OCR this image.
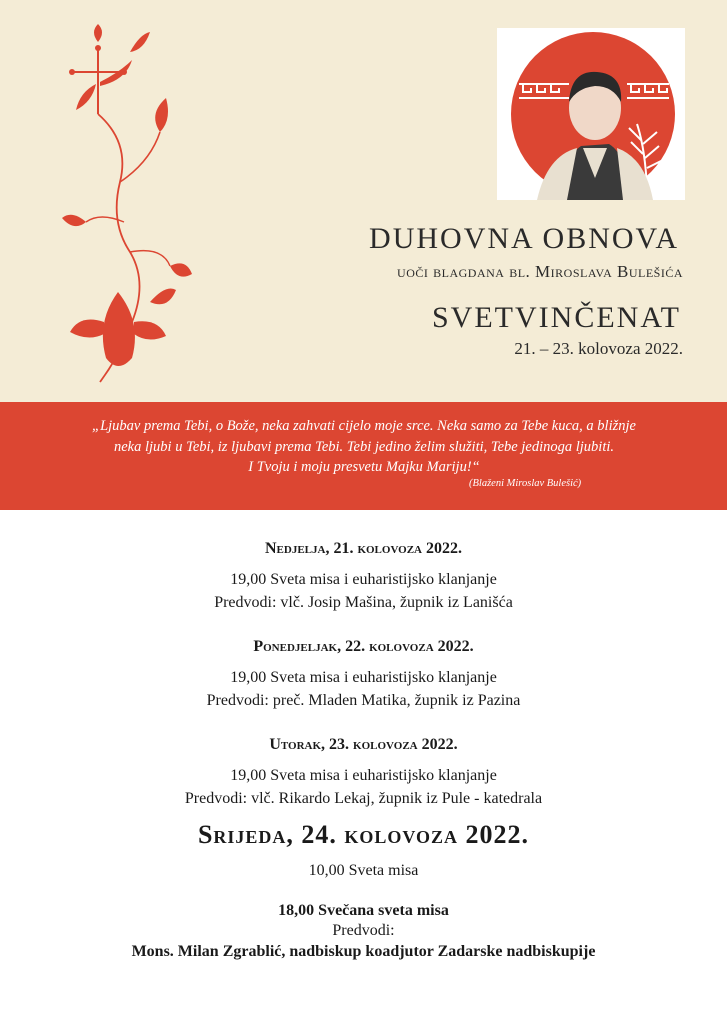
DUHOVNA OBNOVA
uoči blagdana bl. Miroslava Bulešića
SVETVINČENAT
21. – 23. kolovoza 2022.
„Ljubav prema Tebi, o Bože, neka zahvati cijelo moje srce. Neka samo za Tebe kuca, a bližnje
neka ljubi u Tebi, iz ljubavi prema Tebi. Tebi jedino želim služiti, Tebe jedinoga ljubiti.
I Tvoju i moju presvetu Majku Mariju!“
(Blaženi Miroslav Bulešić)
Nedjelja, 21. kolovoza 2022.
19,00 Sveta misa i euharistijsko klanjanje
Predvodi: vlč. Josip Mašina, župnik iz Lanišća
Ponedjeljak, 22. kolovoza 2022.
19,00 Sveta misa i euharistijsko klanjanje
Predvodi: preč. Mladen Matika, župnik iz Pazina
Utorak, 23. kolovoza 2022.
19,00 Sveta misa i euharistijsko klanjanje
Predvodi: vlč. Rikardo Lekaj, župnik iz Pule - katedrala
Srijeda, 24. kolovoza 2022.
10,00 Sveta misa
18,00 Svečana sveta misa
Predvodi:
Mons. Milan Zgrablić, nadbiskup koadjutor Zadarske nadbiskupije
